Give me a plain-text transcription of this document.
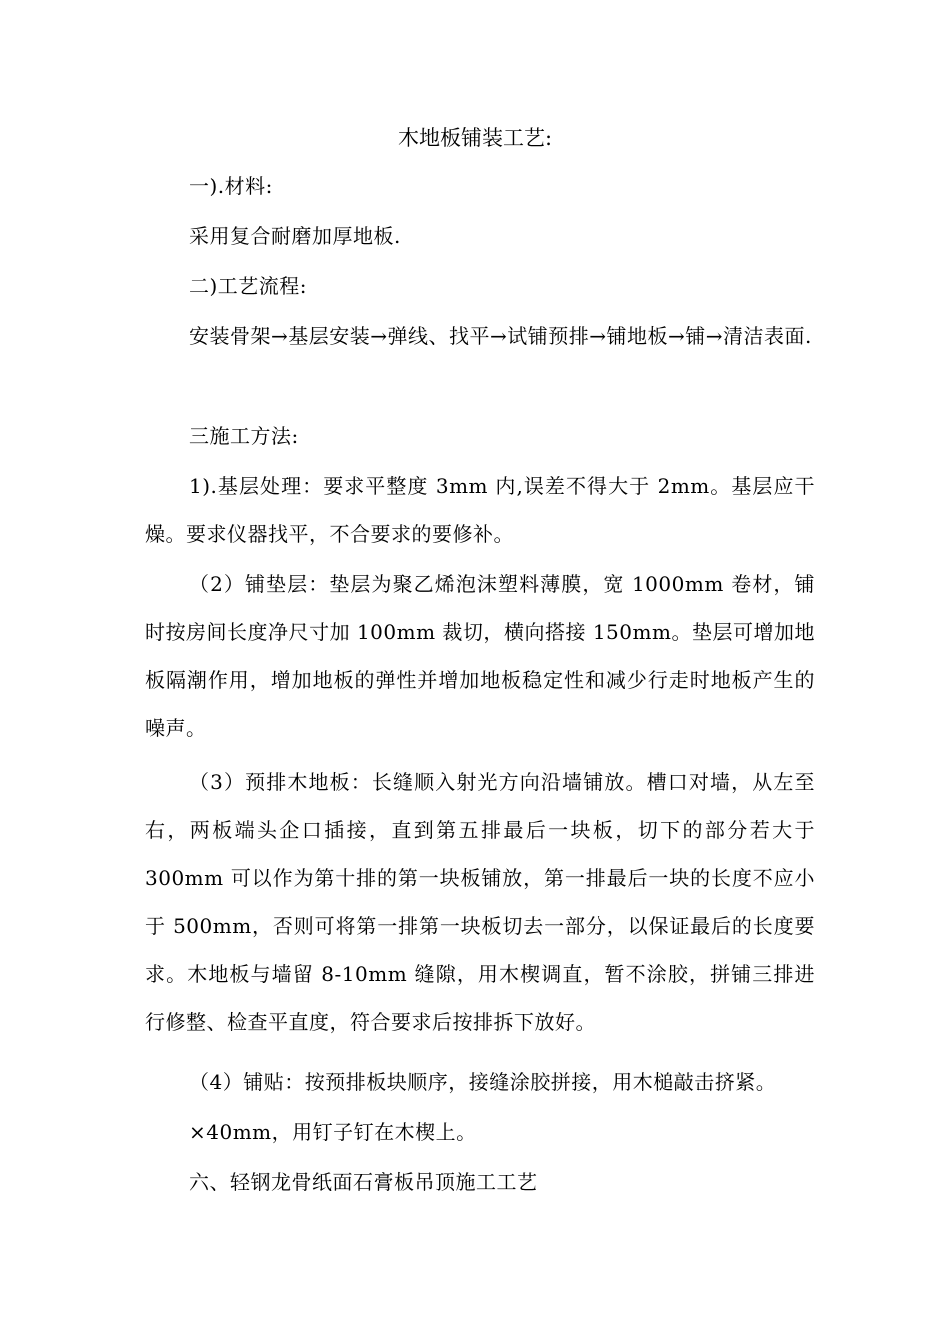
木地板铺装工艺:
一).材料:
采用复合耐磨加厚地板.
二)工艺流程:
安装骨架→基层安装→弹线、找平→试铺预排→铺地板→铺→清洁表面.
三施工方法:
1).基层处理：要求平整度 3mm 内,误差不得大于 2mm。基层应干燥。要求仪器找平，不合要求的要修补。
（2）铺垫层：垫层为聚乙烯泡沫塑料薄膜，宽 1000mm 卷材，铺时按房间长度净尺寸加 100mm 裁切，横向搭接 150mm。垫层可增加地板隔潮作用，增加地板的弹性并增加地板稳定性和减少行走时地板产生的噪声。
（3）预排木地板：长缝顺入射光方向沿墙铺放。槽口对墙，从左至右，两板端头企口插接，直到第五排最后一块板，切下的部分若大于 300mm 可以作为第十排的第一块板铺放，第一排最后一块的长度不应小于 500mm，否则可将第一排第一块板切去一部分，以保证最后的长度要求。木地板与墙留 8-10mm 缝隙，用木楔调直，暂不涂胶，拼铺三排进行修整、检查平直度，符合要求后按排拆下放好。
（4）铺贴：按预排板块顺序，接缝涂胶拼接，用木槌敲击挤紧。
×40mm，用钉子钉在木楔上。
六、轻钢龙骨纸面石膏板吊顶施工工艺
